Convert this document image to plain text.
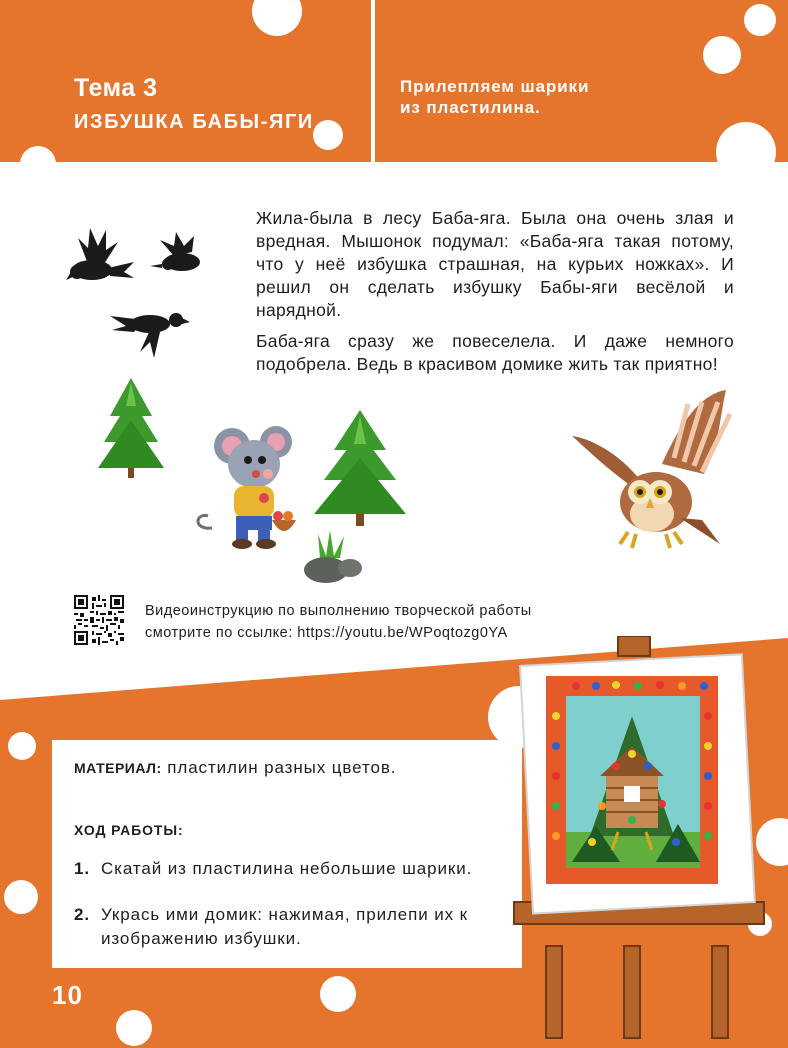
Тема 3
ИЗБУШКА БАБЫ-ЯГИ
Прилепляем шарики
из пластилина.

Жила-была в лесу Баба-яга. Была она очень злая и вредная. Мышонок подумал: «Баба-яга такая потому, что у неё избушка страшная, на курьих ножках». И решил он сделать избушку Бабы-яги весёлой и нарядной.

Баба-яга сразу же повеселела. И даже немного подобрела. Ведь в красивом домике жить так приятно!

Видеоинструкцию по выполнению творческой работы
смотрите по ссылке: https://youtu.be/WPoqtozg0YA
МАТЕРИАЛ: пластилин разных цветов.
ХОД РАБОТЫ:
1. Скатай из пластилина небольшие шарики.
2. Укрась ими домик: нажимая, прилепи их к изображению избушки.
10
